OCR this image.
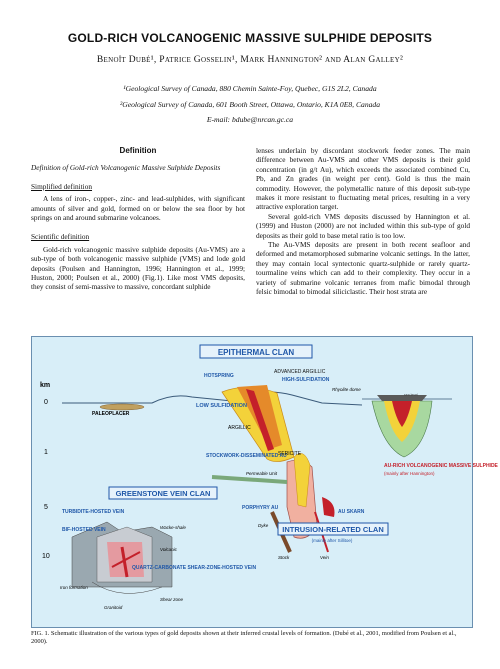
GOLD-RICH VOLCANOGENIC MASSIVE SULPHIDE DEPOSITS
Benoît Dubé¹, Patrice Gosselin¹, Mark Hannington² and Alan Galley²
¹Geological Survey of Canada, 880 Chemin Sainte-Foy, Quebec, G1S 2L2, Canada
²Geological Survey of Canada, 601 Booth Street, Ottawa, Ontario, K1A 0E8, Canada
E-mail: bdube@nrcan.gc.ca

Definition

Definition of Gold-rich Volcanogenic Massive Sulphide Deposits

Simplified definition

A lens of iron-, copper-, zinc- and lead-sulphides, with significant amounts of silver and gold, formed on or below the sea floor by hot springs on and around submarine volcanoes.

Scientific definition

Gold-rich volcanogenic massive sulphide deposits (Au-VMS) are a sub-type of both volcanogenic massive sulphide (VMS) and lode gold deposits (Poulsen and Hannington, 1996; Hannington et al., 1999; Huston, 2000; Poulsen et al., 2000) (Fig.1). Like most VMS deposits, they consist of semi-massive to massive, concordant sulphide

lenses underlain by discordant stockwork feeder zones. The main difference between Au-VMS and other VMS deposits is their gold concentration (in g/t Au), which exceeds the associated combined Cu, Pb, and Zn grades (in weight per cent). Gold is thus the main commodity. However, the polymetallic nature of this deposit sub-type makes it more resistant to fluctuating metal prices, resulting in a very attractive exploration target.

Several gold-rich VMS deposits discussed by Hannington et al. (1999) and Huston (2000) are not included within this sub-type of gold deposits as their gold to base metal ratio is too low.

The Au-VMS deposits are present in both recent seafloor and deformed and metamorphosed submarine volcanic settings. In the latter, they may contain local syntectonic quartz-sulphide or rarely quartz-tourmaline veins which can add to their complexity. They occur in a variety of submarine volcanic terranes from mafic bimodal through felsic bimodal to bimodal siliciclastic. Their host strata are

EPITHERMAL CLAN
GREENSTONE VEIN CLAN
INTRUSION-RELATED CLAN
(mainly after Sillitoe)
km
0
1
5
10
HOTSPRING
ADVANCED ARGILLIC
HIGH-SULFIDATION
LOW SULFIDATION
PALEOPLACER
ARGILLIC
SERICITE
Rhyolite dome
sea level
AU-RICH VOLCANOGENIC MASSIVE SULPHIDE
(mainly after Hannington)
STOCKWORK-DISSEMINATED AU
Permeable Unit
PORPHYRY AU
Dyke
Stock	Vein
AU SKARN
TURBIDITE-HOSTED VEIN
BIF-HOSTED VEIN	Wacke-shale
Volcanic
QUARTZ-CARBONATE SHEAR-ZONE-HOSTED VEIN
Iron formation
Granitoid
Shear zone
FIG. 1. Schematic illustration of the various types of gold deposits shown at their inferred crustal levels of formation. (Dubé et al., 2001, modified from Poulsen et al., 2000).
